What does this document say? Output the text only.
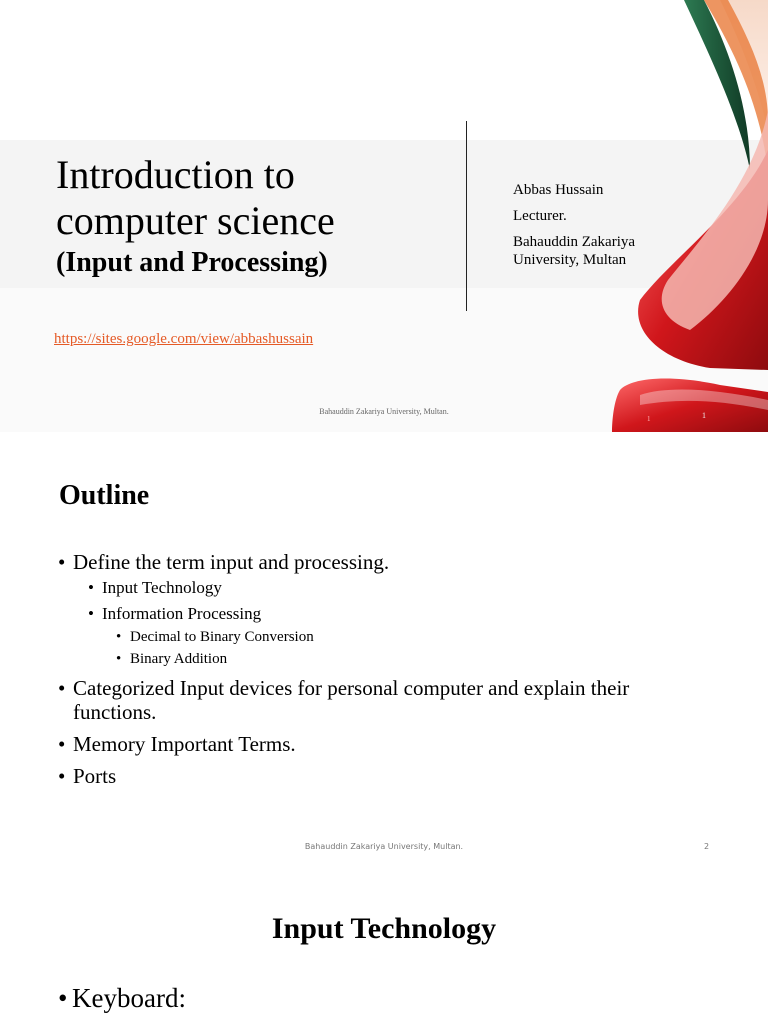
Introduction to
computer science
(Input and Processing)
Abbas Hussain
Lecturer.
Bahauddin Zakariya
University, Multan
https://sites.google.com/view/abbashussain
Bahauddin Zakariya University, Multan.
1	1
Outline
• Define the term input and processing.
• Input Technology
• Information Processing
• Decimal to Binary Conversion
• Binary Addition
• Categorized Input devices for personal computer and explain their
functions.
• Memory Important Terms.
• Ports
Bahauddin Zakariya University, Multan.	2
Input Technology
• Keyboard:
